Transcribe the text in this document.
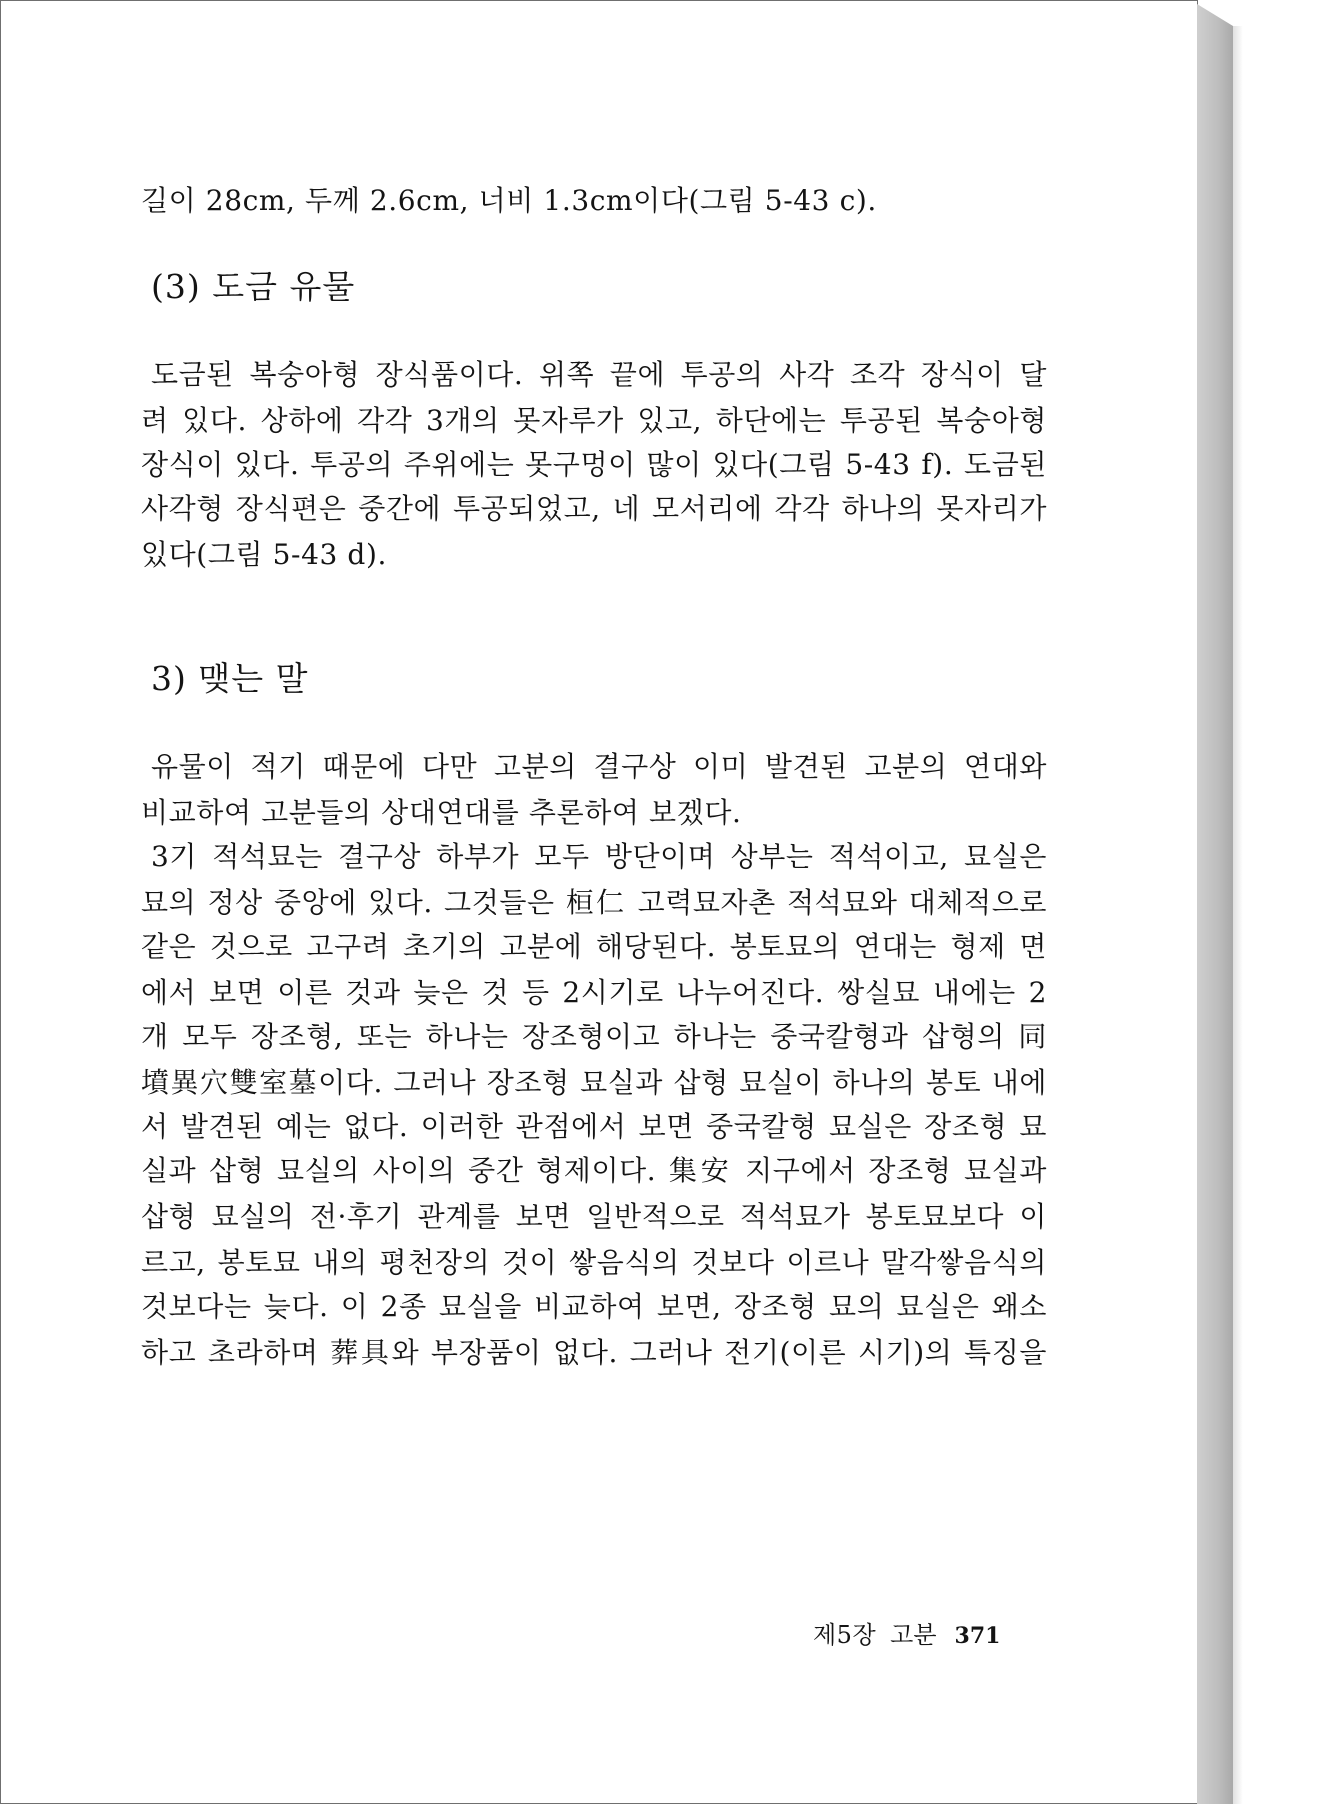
길이 28cm, 두께 2.6cm, 너비 1.3cm이다(그림 5-43 c).
(3) 도금 유물
도금된 복숭아형 장식품이다. 위쪽 끝에 투공의 사각 조각 장식이 달
려 있다. 상하에 각각 3개의 못자루가 있고, 하단에는 투공된 복숭아형
장식이 있다. 투공의 주위에는 못구멍이 많이 있다(그림 5-43 f). 도금된
사각형 장식편은 중간에 투공되었고, 네 모서리에 각각 하나의 못자리가
있다(그림 5-43 d).
3) 맺는 말
유물이 적기 때문에 다만 고분의 결구상 이미 발견된 고분의 연대와
비교하여 고분들의 상대연대를 추론하여 보겠다.
3기 적석묘는 결구상 하부가 모두 방단이며 상부는 적석이고, 묘실은
묘의 정상 중앙에 있다. 그것들은 桓仁 고력묘자촌 적석묘와 대체적으로
같은 것으로 고구려 초기의 고분에 해당된다. 봉토묘의 연대는 형제 면
에서 보면 이른 것과 늦은 것 등 2시기로 나누어진다. 쌍실묘 내에는 2
개 모두 장조형, 또는 하나는 장조형이고 하나는 중국칼형과 삽형의 同
墳異穴雙室墓이다. 그러나 장조형 묘실과 삽형 묘실이 하나의 봉토 내에
서 발견된 예는 없다. 이러한 관점에서 보면 중국칼형 묘실은 장조형 묘
실과 삽형 묘실의 사이의 중간 형제이다. 集安 지구에서 장조형 묘실과
삽형 묘실의 전·후기 관계를 보면 일반적으로 적석묘가 봉토묘보다 이
르고, 봉토묘 내의 평천장의 것이 쌓음식의 것보다 이르나 말각쌓음식의
것보다는 늦다. 이 2종 묘실을 비교하여 보면, 장조형 묘의 묘실은 왜소
하고 초라하며 葬具와 부장품이 없다. 그러나 전기(이른 시기)의 특징을
제5장 고분 371
